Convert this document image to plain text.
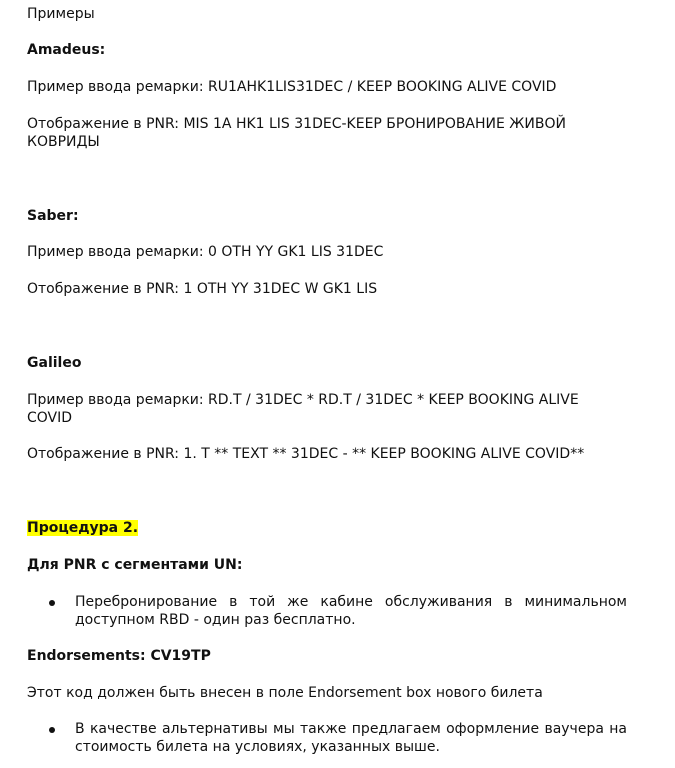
Примеры
Amadeus:
Пример ввода ремарки: RU1AHK1LIS31DEC / KEEP BOOKING ALIVE COVID
Отображение в PNR: MIS 1A HK1 LIS 31DEC-KEEP БРОНИРОВАНИЕ ЖИВОЙ
КОВРИДЫ
Saber:
Пример ввода ремарки: 0 OTH YY GK1 LIS 31DEC
Отображение в PNR: 1 OTH YY 31DEC W GK1 LIS
Galileo
Пример ввода ремарки: RD.T / 31DEC * RD.T / 31DEC * KEEP BOOKING ALIVE
COVID
Отображение в PNR: 1. T ** TEXT ** 31DEC - ** KEEP BOOKING ALIVE COVID**
Процедура 2.
Для PNR с сегментами UN:
Перебронирование в той же кабине обслуживания в минимальном доступном RBD - один раз бесплатно.
Endorsements: CV19TP
Этот код должен быть внесен в поле Endorsement box нового билета
В качестве альтернативы мы также предлагаем оформление ваучера на стоимость билета на условиях, указанных выше.
